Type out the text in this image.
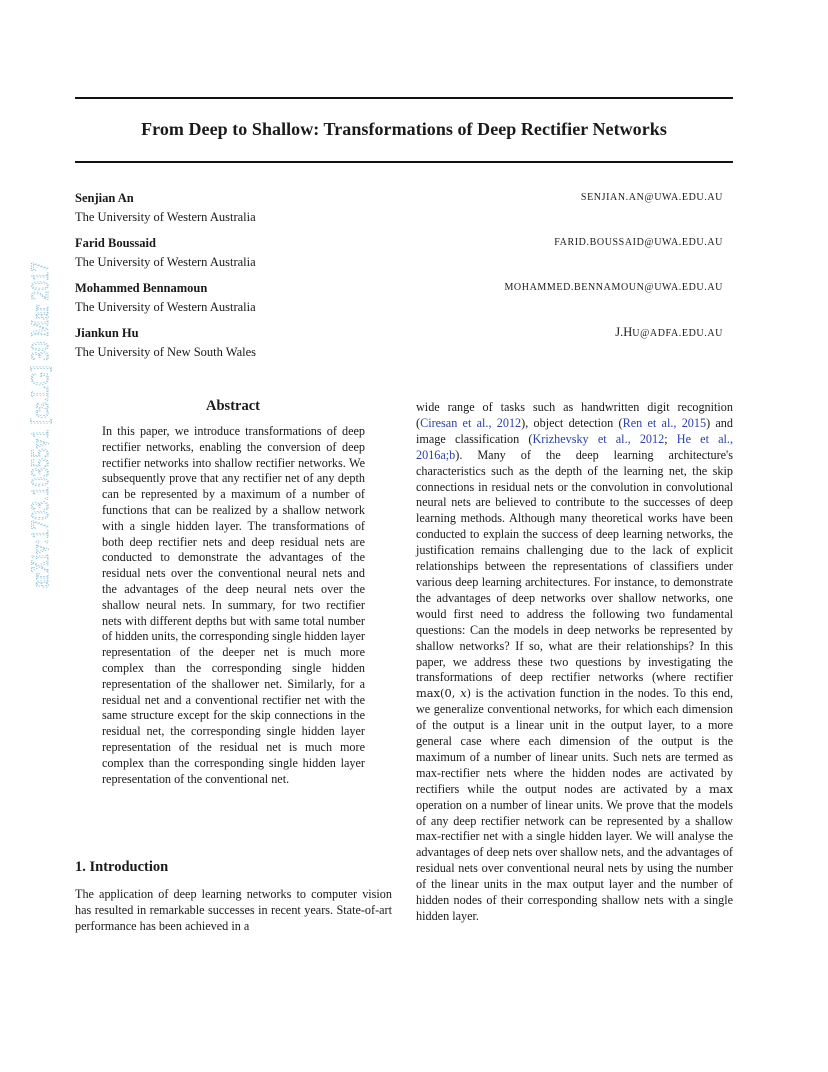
arXiv:1703.10355v1 [cs.LG] 30 Mar 2017
From Deep to Shallow: Transformations of Deep Rectifier Networks
Senjian An
The University of Western Australia
SENJIAN.AN@UWA.EDU.AU
Farid Boussaid
The University of Western Australia
FARID.BOUSSAID@UWA.EDU.AU
Mohammed Bennamoun
The University of Western Australia
MOHAMMED.BENNAMOUN@UWA.EDU.AU
Jiankun Hu
The University of New South Wales
J.HU@ADFA.EDU.AU
Abstract
In this paper, we introduce transformations of deep rectifier networks, enabling the conversion of deep rectifier networks into shallow rectifier networks. We subsequently prove that any rectifier net of any depth can be represented by a maximum of a number of functions that can be realized by a shallow network with a single hidden layer. The transformations of both deep rectifier nets and deep residual nets are conducted to demonstrate the advantages of the residual nets over the conventional neural nets and the advantages of the deep neural nets over the shallow neural nets. In summary, for two rectifier nets with different depths but with same total number of hidden units, the corresponding single hidden layer representation of the deeper net is much more complex than the corresponding single hidden representation of the shallower net. Similarly, for a residual net and a conventional rectifier net with the same structure except for the skip connections in the residual net, the corresponding single hidden layer representation of the residual net is much more complex than the corresponding single hidden layer representation of the conventional net.
1. Introduction
The application of deep learning networks to computer vision has resulted in remarkable successes in recent years. State-of-art performance has been achieved in a
wide range of tasks such as handwritten digit recognition (Ciresan et al., 2012), object detection (Ren et al., 2015) and image classification (Krizhevsky et al., 2012; He et al., 2016a;b). Many of the deep learning architecture's characteristics such as the depth of the learning net, the skip connections in residual nets or the convolution in convolutional neural nets are believed to contribute to the successes of deep learning methods. Although many theoretical works have been conducted to explain the success of deep learning networks, the justification remains challenging due to the lack of explicit relationships between the representations of classifiers under various deep learning architectures. For instance, to demonstrate the advantages of deep networks over shallow networks, one would first need to address the following two fundamental questions: Can the models in deep networks be represented by shallow networks? If so, what are their relationships? In this paper, we address these two questions by investigating the transformations of deep rectifier networks (where rectifier max(0, 𝑥) is the activation function in the nodes. To this end, we generalize conventional networks, for which each dimension of the output is a linear unit in the output layer, to a more general case where each dimension of the output is the maximum of a number of linear units. Such nets are termed as max-rectifier nets where the hidden nodes are activated by rectifiers while the output nodes are activated by a max operation on a number of linear units. We prove that the models of any deep rectifier network can be represented by a shallow max-rectifier net with a single hidden layer. We will analyse the advantages of deep nets over shallow nets, and the advantages of residual nets over conventional neural nets by using the number of the linear units in the max output layer and the number of hidden nodes of their corresponding shallow nets with a single hidden layer.
